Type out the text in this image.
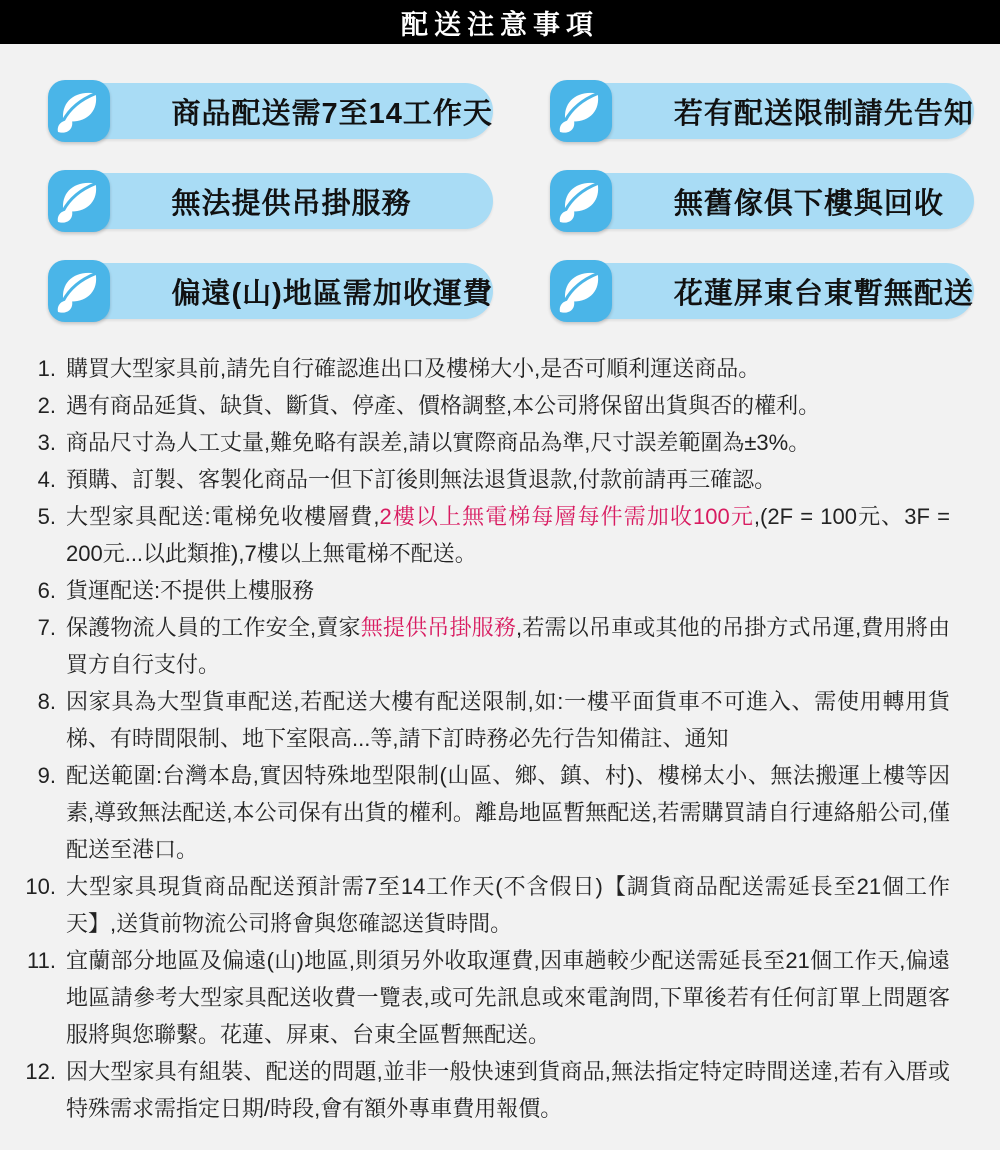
配送注意事項
商品配送需7至14工作天	若有配送限制請先告知
無法提供吊掛服務	無舊傢俱下樓與回收
偏遠(山)地區需加收運費	花蓮屏東台東暫無配送
1. 購買大型家具前,請先自行確認進出口及樓梯大小,是否可順利運送商品。
2. 遇有商品延貨、缺貨、斷貨、停產、價格調整,本公司將保留出貨與否的權利。
3. 商品尺寸為人工丈量,難免略有誤差,請以實際商品為準,尺寸誤差範圍為±3%。
4. 預購、訂製、客製化商品一但下訂後則無法退貨退款,付款前請再三確認。
5. 大型家具配送:電梯免收樓層費,2樓以上無電梯每層每件需加收100元,(2F = 100元、3F = 200元...以此類推),7樓以上無電梯不配送。
6. 貨運配送:不提供上樓服務
7. 保護物流人員的工作安全,賣家無提供吊掛服務,若需以吊車或其他的吊掛方式吊運,費用將由買方自行支付。
8. 因家具為大型貨車配送,若配送大樓有配送限制,如:一樓平面貨車不可進入、需使用轉用貨梯、有時間限制、地下室限高...等,請下訂時務必先行告知備註、通知
9. 配送範圍:台灣本島,實因特殊地型限制(山區、鄉、鎮、村)、樓梯太小、無法搬運上樓等因素,導致無法配送,本公司保有出貨的權利。離島地區暫無配送,若需購買請自行連絡船公司,僅配送至港口。
10. 大型家具現貨商品配送預計需7至14工作天(不含假日)【調貨商品配送需延長至21個工作天】,送貨前物流公司將會與您確認送貨時間。
11. 宜蘭部分地區及偏遠(山)地區,則須另外收取運費,因車趟較少配送需延長至21個工作天,偏遠地區請參考大型家具配送收費一覽表,或可先訊息或來電詢問,下單後若有任何訂單上問題客服將與您聯繫。花蓮、屏東、台東全區暫無配送。
12. 因大型家具有組裝、配送的問題,並非一般快速到貨商品,無法指定特定時間送達,若有入厝或特殊需求需指定日期/時段,會有額外專車費用報價。
